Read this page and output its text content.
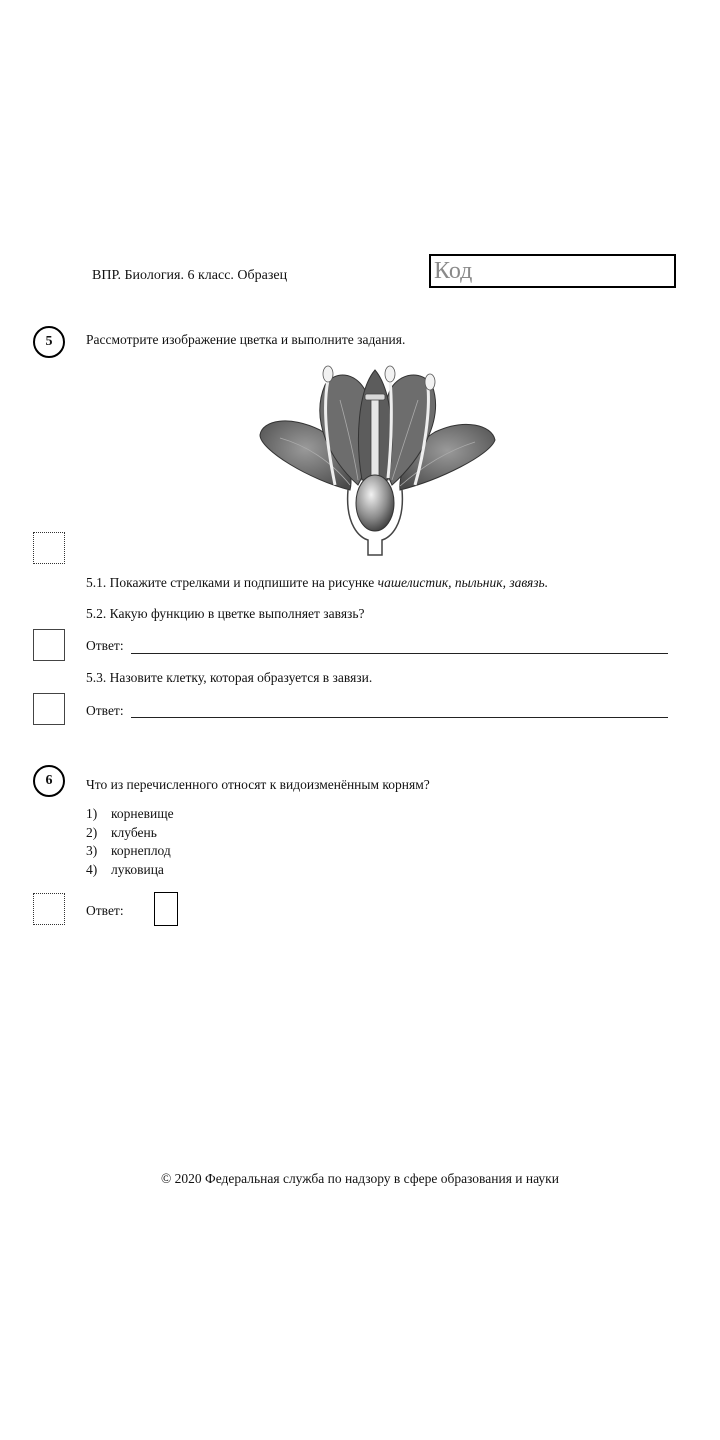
ВПР. Биология. 6 класс. Образец	Код
5	Рассмотрите изображение цветка и выполните задания.
5.1. Покажите стрелками и подпишите на рисунке чашелистик, пыльник, завязь.
5.2. Какую функцию в цветке выполняет завязь?
Ответ:
5.3. Назовите клетку, которая образуется в завязи.
Ответ:
6	Что из перечисленного относят к видоизменённым корням?
1) корневище
2) клубень
3) корнеплод
4) луковица
Ответ:
© 2020 Федеральная служба по надзору в сфере образования и науки
